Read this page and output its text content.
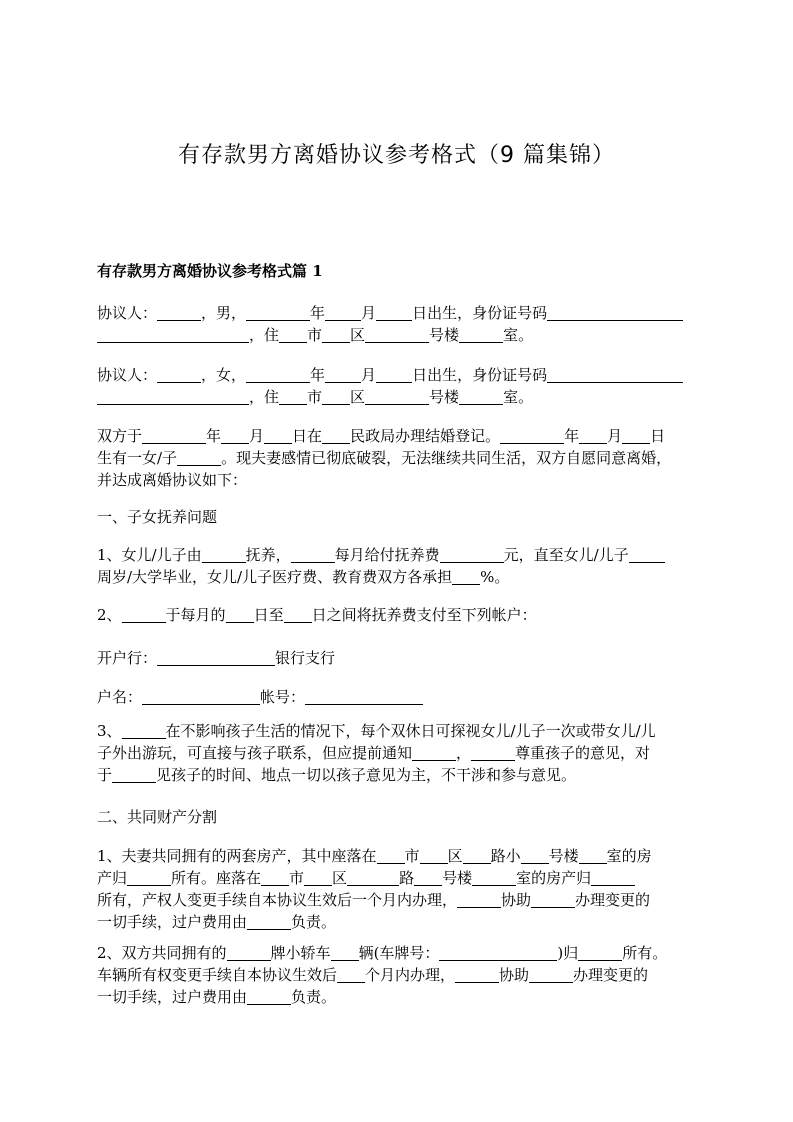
有存款男方离婚协议参考格式（9 篇集锦）
有存款男方离婚协议参考格式篇 1
协议人：	，男，	年 月 日出生，身份证号码
，住 市 区	号楼	室。
协议人：	，女，	年 月 日出生，身份证号码
，住 市 区	号楼	室。
双方于	年 月 日在 民政局办理结婚登记。	年 月 日
生有一女/子	。现夫妻感情已彻底破裂，无法继续共同生活，双方自愿同意离婚，
并达成离婚协议如下：
一、子女抚养问题
1、女儿/儿子由	抚养，	每月给付抚养费	元，直至女儿/儿子
周岁/大学毕业，女儿/儿子医疗费、教育费双方各承担 %。
2、	于每月的 日至 日之间将抚养费支付至下列帐户：
开户行：	银行支行
户名：	帐号：
3、	在不影响孩子生活的情况下，每个双休日可探视女儿/儿子一次或带女儿/儿
子外出游玩，可直接与孩子联系，但应提前通知	，	尊重孩子的意见，对
于	见孩子的时间、地点一切以孩子意见为主，不干涉和参与意见。
二、共同财产分割
1、夫妻共同拥有的两套房产，其中座落在 市 区 路小 号楼 室的房
产归	所有。座落在 市 区	路 号楼	室的房产归
所有，产权人变更手续自本协议生效后一个月内办理，	协助	办理变更的
一切手续，过户费用由	负责。
2、双方共同拥有的	牌小轿车 辆(车牌号：	)归	所有。
车辆所有权变更手续自本协议生效后 个月内办理，	协助	办理变更的
一切手续，过户费用由	负责。
